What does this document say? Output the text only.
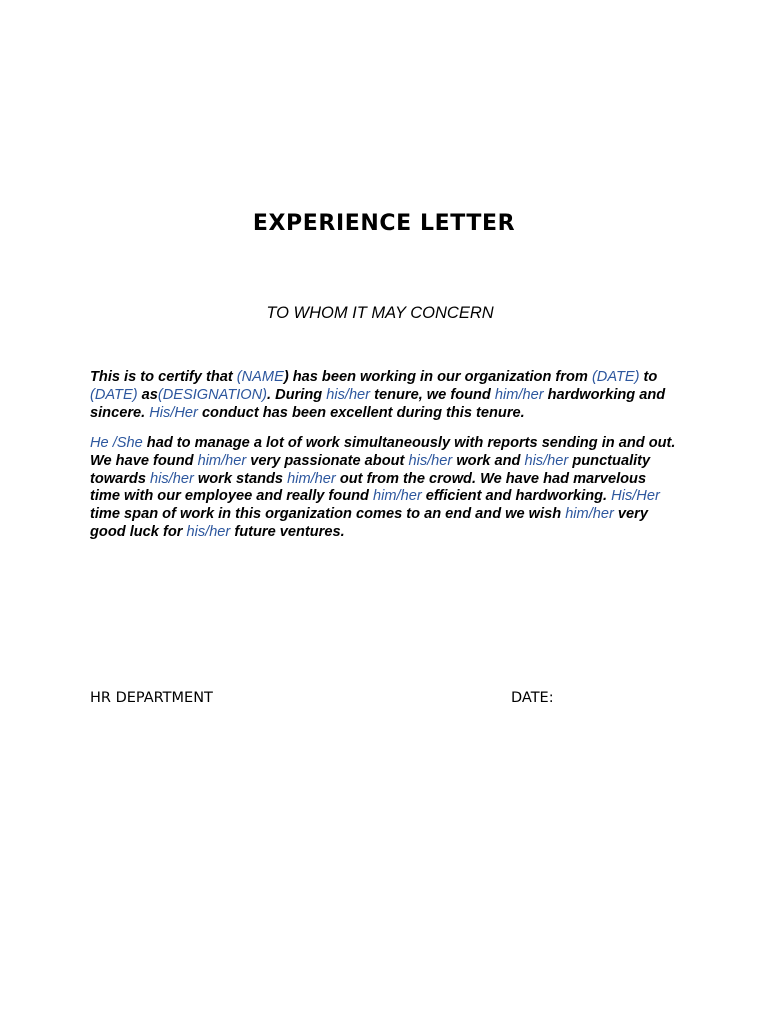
EXPERIENCE LETTER
TO WHOM IT MAY CONCERN

This is to certify that (NAME) has been working in our organization from (DATE) to (DATE) as(DESIGNATION). During his/her tenure, we found him/her hardworking and sincere. His/Her conduct has been excellent during this tenure.

He /She had to manage a lot of work simultaneously with reports sending in and out. We have found him/her very passionate about his/her work and his/her punctuality towards his/her work stands him/her out from the crowd. We have had marvelous time with our employee and really found him/her efficient and hardworking. His/Her time span of work in this organization comes to an end and we wish him/her very good luck for his/her future ventures.

HR DEPARTMENT	DATE:
